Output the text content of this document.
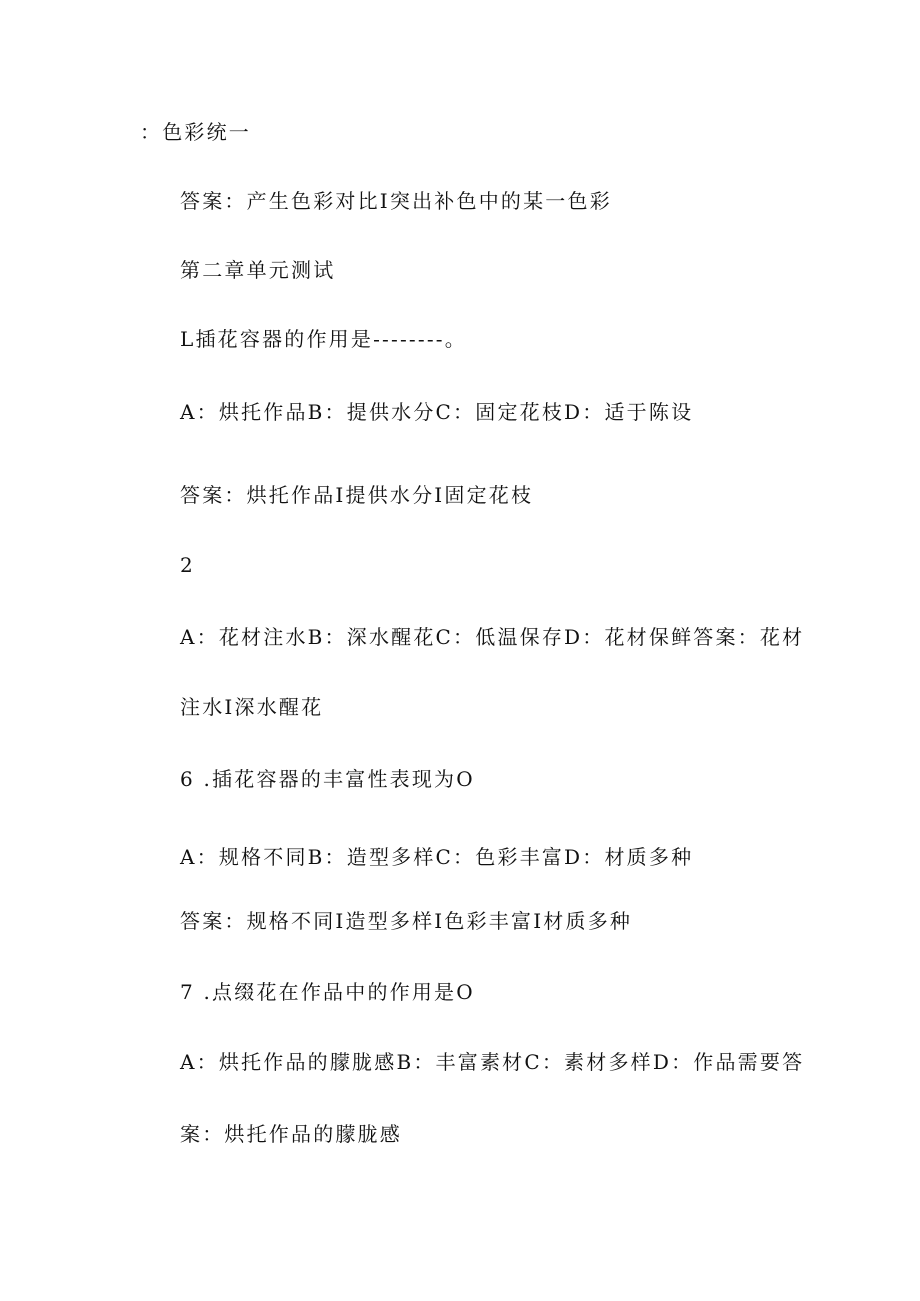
：色彩统一
答案：产生色彩对比I突出补色中的某一色彩
第二章单元测试
L插花容器的作用是--------。
A：烘托作品B：提供水分C：固定花枝D：适于陈设
答案：烘托作品I提供水分I固定花枝
2
A：花材注水B：深水醒花C：低温保存D：花材保鲜答案：花材
注水I深水醒花
6 .插花容器的丰富性表现为O
A：规格不同B：造型多样C：色彩丰富D：材质多种
答案：规格不同I造型多样I色彩丰富I材质多种
7 .点缀花在作品中的作用是O
A：烘托作品的朦胧感B：丰富素材C：素材多样D：作品需要答
案：烘托作品的朦胧感
